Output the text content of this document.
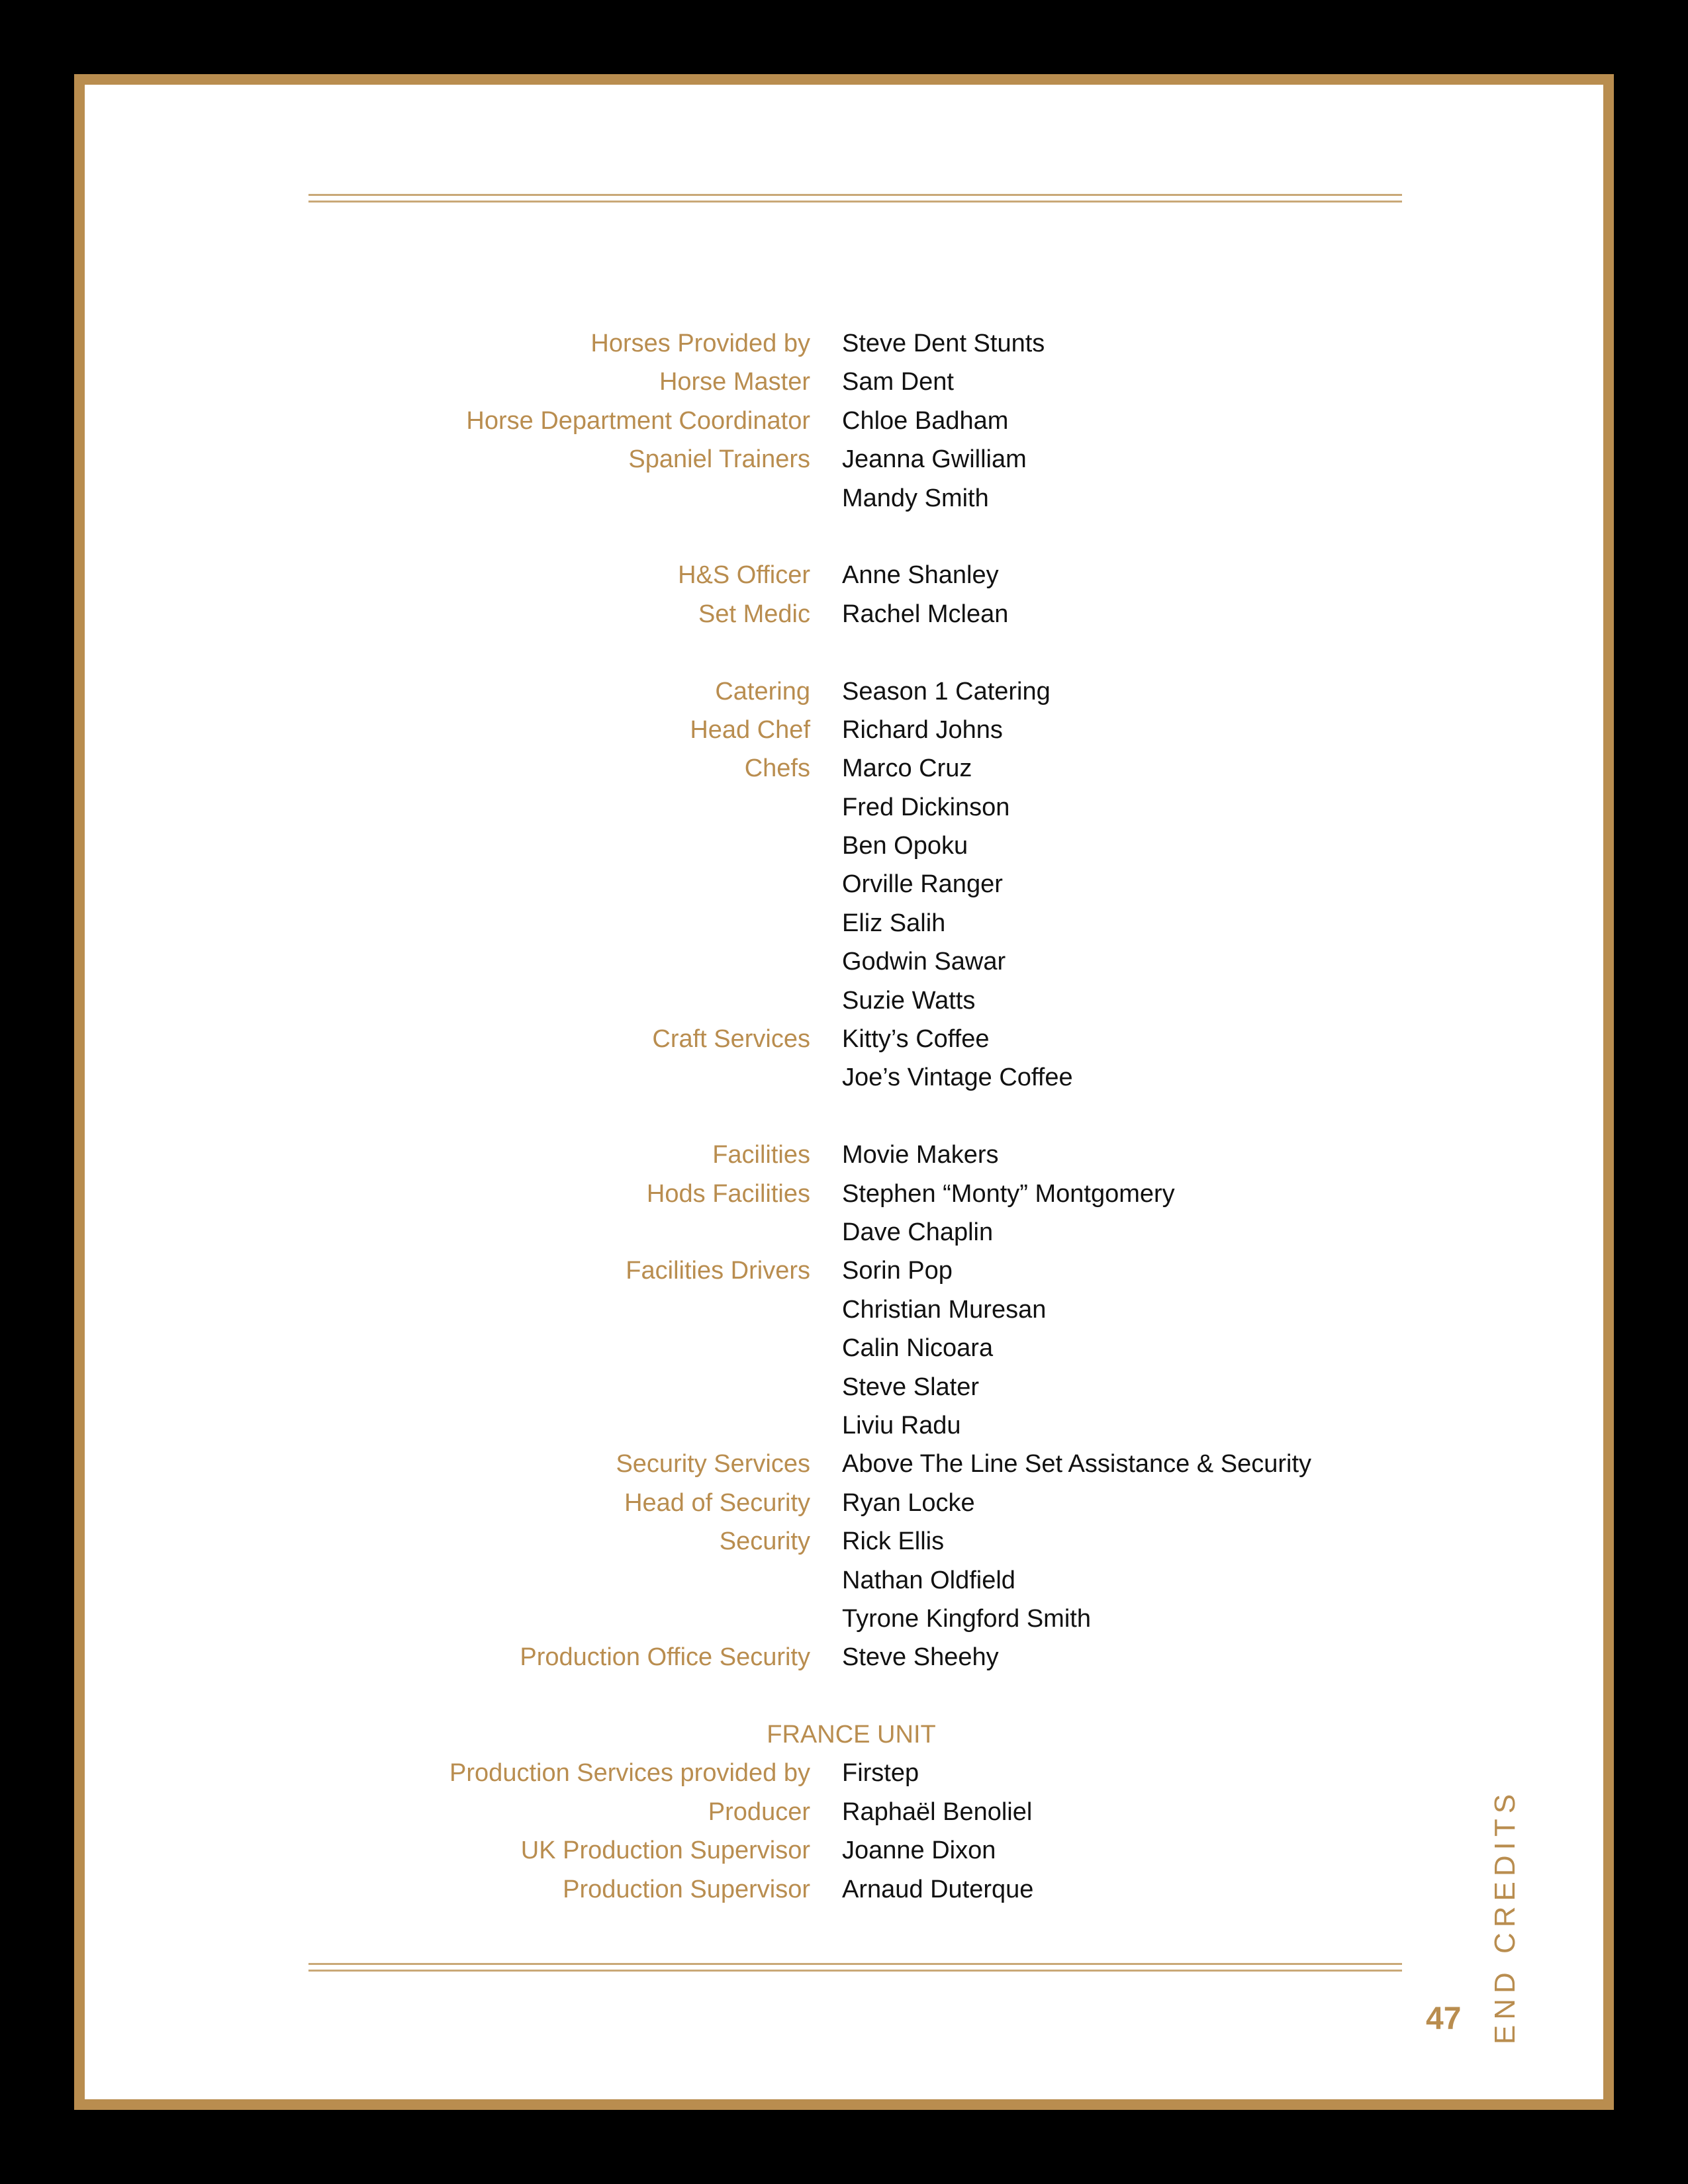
Horses Provided by Steve Dent Stunts
Horse Master Sam Dent
Horse Department Coordinator Chloe Badham
Spaniel Trainers Jeanna Gwilliam
Mandy Smith
H&S Officer Anne Shanley
Set Medic Rachel Mclean
Catering Season 1 Catering
Head Chef Richard Johns
Chefs Marco Cruz
Fred Dickinson
Ben Opoku
Orville Ranger
Eliz Salih
Godwin Sawar
Suzie Watts
Craft Services Kitty’s Coffee
Joe’s Vintage Coffee
Facilities Movie Makers
Hods Facilities Stephen “Monty” Montgomery
Dave Chaplin
Facilities Drivers Sorin Pop
Christian Muresan
Calin Nicoara
Steve Slater
Liviu Radu
Security Services Above The Line Set Assistance & Security
Head of Security Ryan Locke
Security Rick Ellis
Nathan Oldfield
Tyrone Kingford Smith
Production Office Security Steve Sheehy
FRANCE UNIT
Production Services provided by Firstep
Producer Raphaël Benoliel
UK Production Supervisor Joanne Dixon
Production Supervisor Arnaud Duterque	END CREDITS
47
